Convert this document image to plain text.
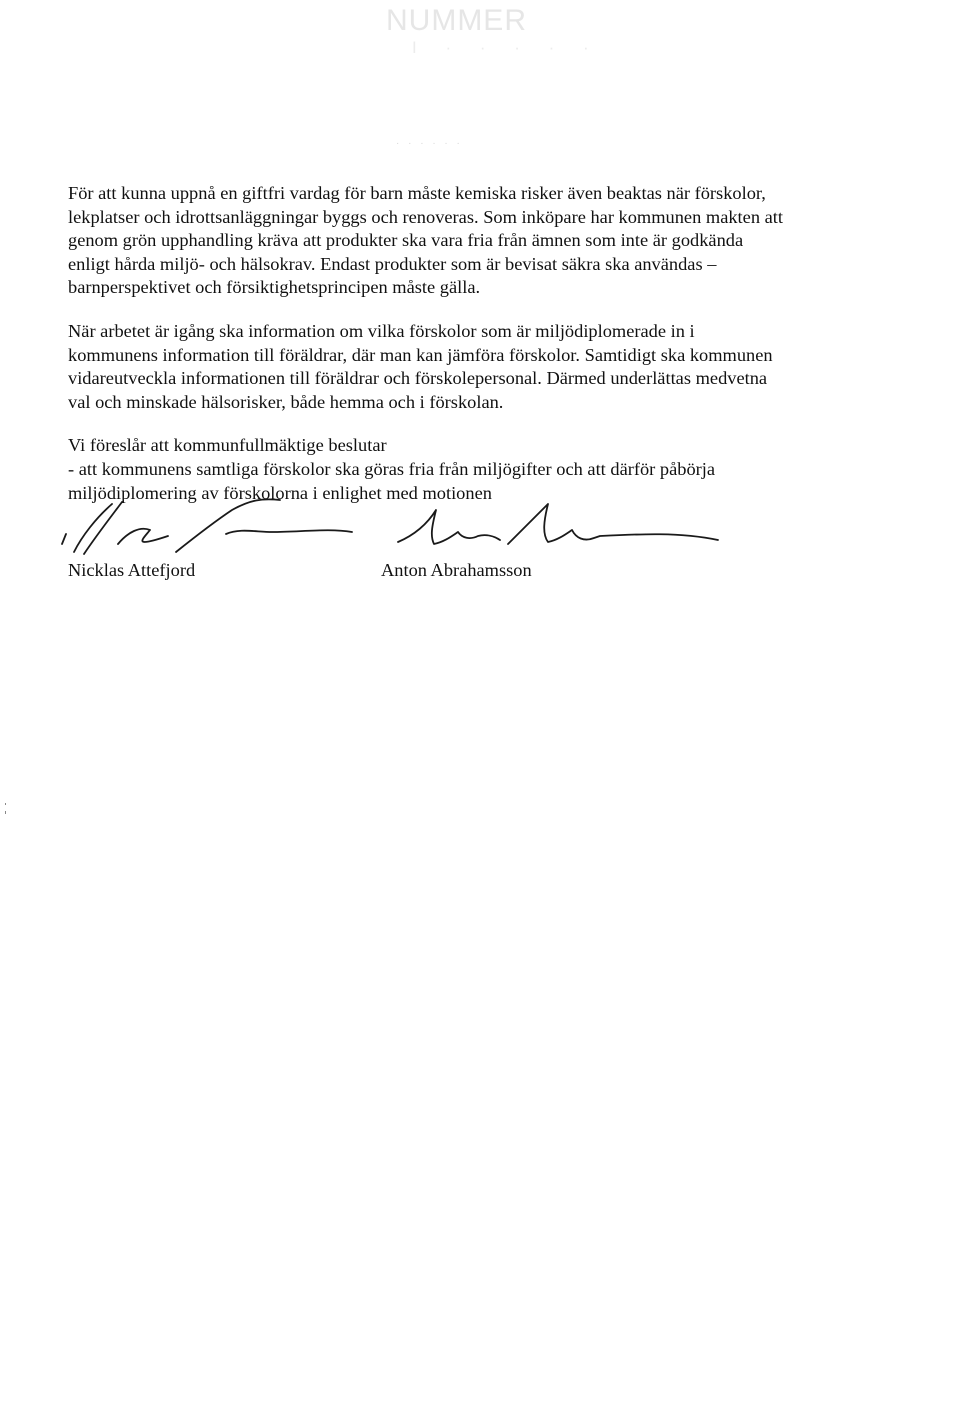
NUMMER
I · · · · ·
· · · · · ·

För att kunna uppnå en giftfri vardag för barn måste kemiska risker även beaktas när förskolor,
lekplatser och idrottsanläggningar byggs och renoveras. Som inköpare har kommunen makten att
genom grön upphandling kräva att produkter ska vara fria från ämnen som inte är godkända
enligt hårda miljö- och hälsokrav. Endast produkter som är bevisat säkra ska användas –
barnperspektivet och försiktighetsprincipen måste gälla.

När arbetet är igång ska information om vilka förskolor som är miljödiplomerade in i
kommunens information till föräldrar, där man kan jämföra förskolor. Samtidigt ska kommunen
vidareutveckla informationen till föräldrar och förskolepersonal. Därmed underlättas medvetna
val och minskade hälsorisker, både hemma och i förskolan.

Vi föreslår att kommunfullmäktige beslutar
- att kommunens samtliga förskolor ska göras fria från miljögifter och att därför påbörja
miljödiplomering av förskolorna i enlighet med motionen

Nicklas Attefjord	Anton Abrahamsson
